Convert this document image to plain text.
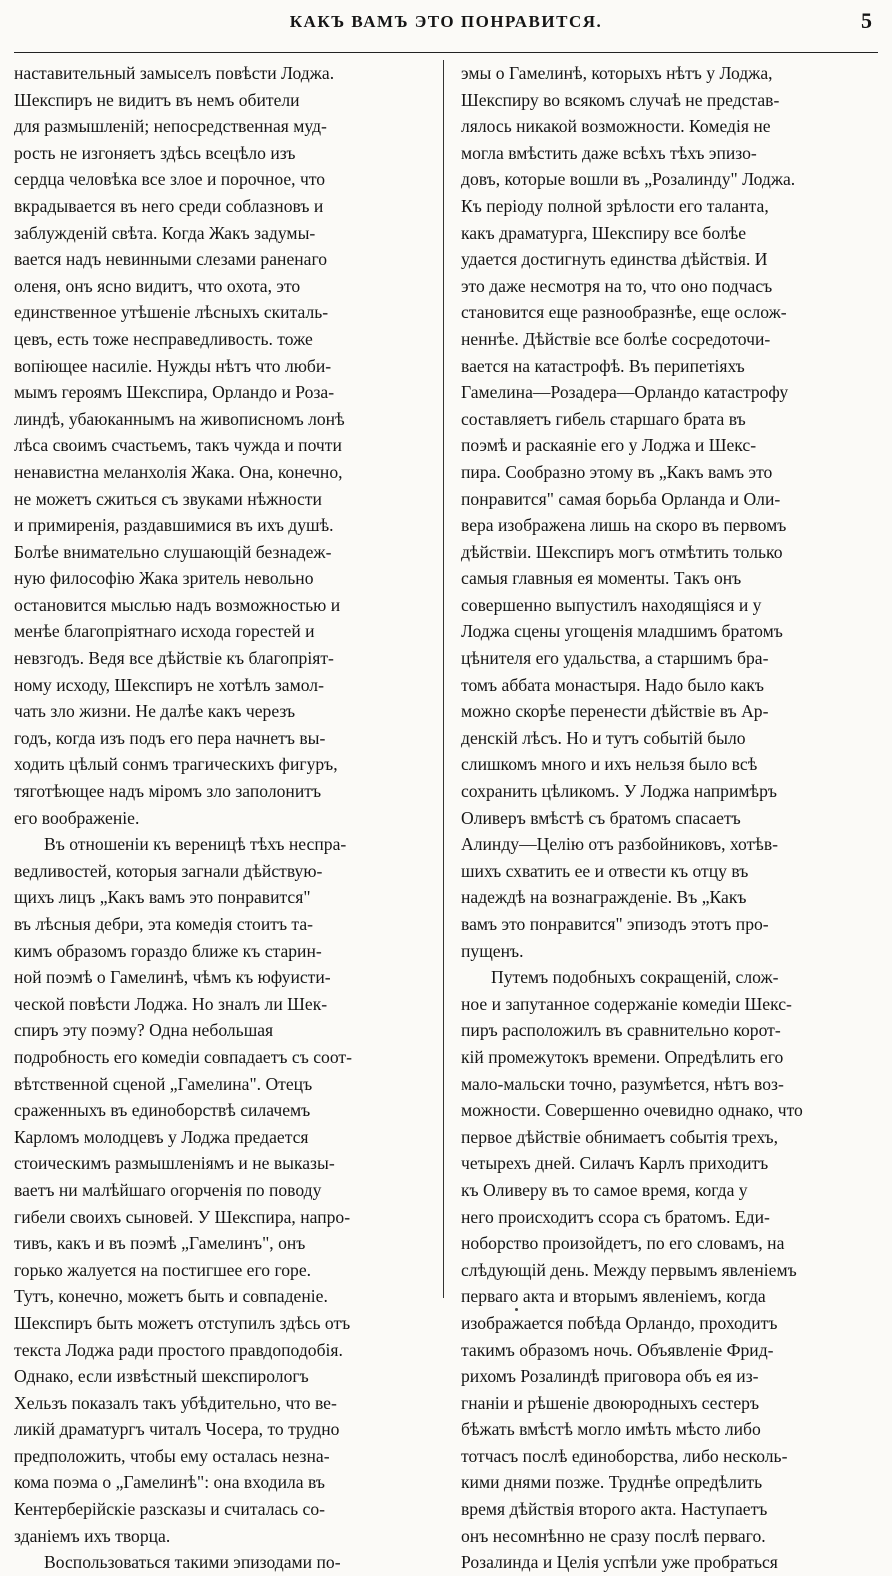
КАКЪ ВАМЪ ЭТО ПОНРАВИТСЯ.	5
наставительный замыселъ повѣсти Лоджа.
Шекспиръ не видитъ въ немъ обители
для размышленій; непосредственная муд-
рость не изгоняетъ здѣсь всецѣло изъ
сердца человѣка все злое и порочное, что
вкрадывается въ него среди соблазновъ и
заблужденій свѣта. Когда Жакъ задумы-
вается надъ невинными слезами раненаго
оленя, онъ ясно видитъ, что охота, это
единственное утѣшеніе лѣсныхъ скиталь-
цевъ, есть тоже несправедливость. тоже
вопіющее насиліе. Нужды нѣтъ что люби-
мымъ героямъ Шекспира, Орландо и Розa-
линдѣ, убаюканнымъ на живописномъ лонѣ
лѣса своимъ счастьемъ, такъ чужда и почти
ненавистна меланхолія Жака. Она, конечно,
не можетъ сжиться съ звуками нѣжности
и примиренія, раздавшимися въ ихъ душѣ.
Болѣе внимательно слушающій безнадеж-
ную философію Жака зритель невольно
остановится мыслью надъ возможностью и
менѣе благопріятнаго исхода горестей и
невзгодъ. Ведя все дѣйствіе къ благопріят-
ному исходу, Шекспиръ не хотѣлъ замол-
чать зло жизни. Не далѣе какъ черезъ
годъ, когда изъ подъ его пера начнетъ вы-
ходить цѣлый сонмъ трагическихъ фигуръ,
тяготѣющее надъ міромъ зло заполонитъ
его воображеніе.
Въ отношеніи къ вереницѣ тѣхъ неспра-
ведливостей, которыя загнали дѣйствую-
щихъ лицъ „Какъ вамъ это понравится"
въ лѣсныя дебри, эта комедія стоитъ та-
кимъ образомъ гораздо ближе къ старин-
ной поэмѣ о Гамелинѣ, чѣмъ къ юфуисти-
ческой повѣсти Лоджа. Но зналъ ли Шек-
спиръ эту поэму? Одна небольшая
подробность его комедіи совпадаетъ съ соот-
вѣтственной сценой „Гамелина". Отецъ
сраженныхъ въ единоборствѣ силачемъ
Карломъ молодцевъ у Лоджа предается
стоическимъ размышленіямъ и не выказы-
ваетъ ни малѣйшаго огорченія по поводу
гибели своихъ сыновей. У Шекспира, напро-
тивъ, какъ и въ поэмѣ „Гамелинъ", онъ
горько жалуется на постигшее его горе.
Тутъ, конечно, можетъ быть и совпаденіе.
Шекспиръ быть можетъ отступилъ здѣсь отъ
текста Лоджа ради простого правдоподобія.
Однако, если извѣстный шекспирологъ
Хельзъ показалъ такъ убѣдительно, что ве-
ликій драматургъ читалъ Чосера, то трудно
предположить, чтобы ему осталась незна-
кома поэма о „Гамелинѣ": она входила въ
Кентерберійскіе разсказы и считалась со-
зданіемъ ихъ творца.
Воспользоваться такими эпизодами по-
эмы о Гамелинѣ, которыхъ нѣтъ у Лоджа,
Шекспиру во всякомъ случаѣ не представ-
лялось никакой возможности. Комедія не
могла вмѣстить даже всѣхъ тѣхъ эпизо-
довъ, которые вошли въ „Розалинду" Лоджа.
Къ періоду полной зрѣлости его таланта,
какъ драматурга, Шекспиру все болѣе
удается достигнуть единства дѣйствія. И
это даже несмотря на то, что оно подчасъ
становится еще разнообразнѣе, еще ослож-
неннѣе. Дѣйствіе все болѣе сосредоточи-
вается на катастрофѣ. Въ перипетіяхъ
Гамелина—Розадера—Орландо катастрофу
составляетъ гибель старшаго брата въ
поэмѣ и раскаяніе его у Лоджа и Шекс-
пира. Сообразно этому въ „Какъ вамъ это
понравится" самая борьба Орланда и Оли-
вера изображена лишь на скоро въ первомъ
дѣйствіи. Шекспиръ могъ отмѣтить только
самыя главныя ея моменты. Такъ онъ
совершенно выпустилъ находящіяся и у
Лоджа сцены угощенія младшимъ братомъ
цѣнителя его удальства, а старшимъ бра-
томъ аббата монастыря. Надо было какъ
можно скорѣе перенести дѣйствіе въ Ар-
денскій лѣсъ. Но и тутъ событій было
слишкомъ много и ихъ нельзя было всѣ
сохранить цѣликомъ. У Лоджа напримѣръ
Оливеръ вмѣстѣ съ братомъ спасаетъ
Алинду—Целію отъ разбойниковъ, хотѣв-
шихъ схватить ее и отвести къ отцу въ
надеждѣ на вознагражденіе. Въ „Какъ
вамъ это понравится" эпизодъ этотъ про-
пущенъ.
Путемъ подобныхъ сокращеній, слож-
ное и запутанное содержаніе комедіи Шекс-
пиръ расположилъ въ сравнительно корот-
кій промежутокъ времени. Опредѣлить его
мало-мальски точно, разумѣется, нѣтъ воз-
можности. Совершенно очевидно однако, что
первое дѣйствіе обнимаетъ событія трехъ,
четырехъ дней. Силачъ Карлъ приходитъ
къ Оливеру въ то самое время, когда у
него происходитъ ссора съ братомъ. Еди-
ноборство произойдетъ, по его словамъ, на
слѣдующій день. Между первымъ явленіемъ
перваго акта и вторымъ явленіемъ, когда
изображается побѣда Орландо, проходитъ
такимъ образомъ ночь. Объявленіе Фрид-
рихомъ Розалиндѣ приговора объ ея из-
гнаніи и рѣшеніе двоюродныхъ сестеръ
бѣжать вмѣстѣ могло имѣть мѣсто либо
тотчасъ послѣ единоборства, либо несколь-
кими днями позже. Труднѣе опредѣлить
время дѣйствія второго акта. Наступаетъ
онъ несомнѣнно не сразу послѣ перваго.
Розалинда и Целія успѣли уже пробраться
